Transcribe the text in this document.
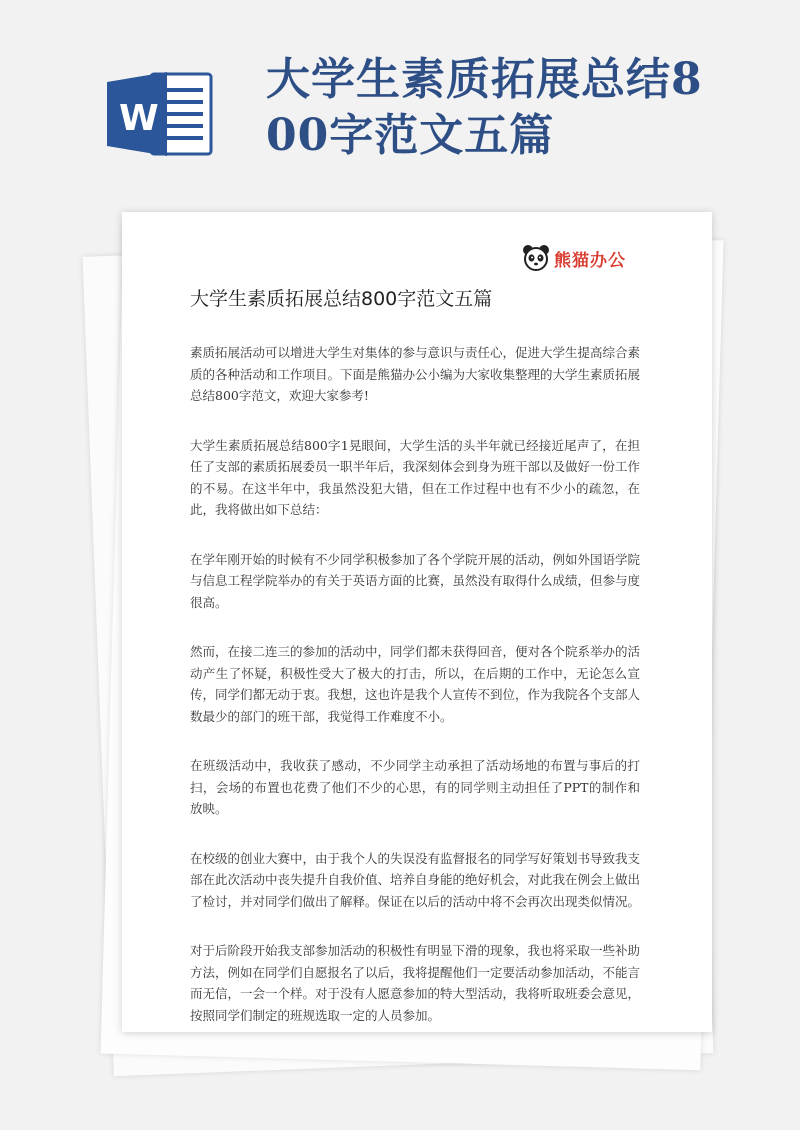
W
大学生素质拓展总结800字范文五篇
熊猫办公
大学生素质拓展总结800字范文五篇

素质拓展活动可以增进大学生对集体的参与意识与责任心，促进大学生提高综合素质的各种活动和工作项目。下面是熊猫办公小编为大家收集整理的大学生素质拓展总结800字范文，欢迎大家参考!

大学生素质拓展总结800字1晃眼间，大学生活的头半年就已经接近尾声了，在担任了支部的素质拓展委员一职半年后，我深刻体会到身为班干部以及做好一份工作的不易。在这半年中，我虽然没犯大错，但在工作过程中也有不少小的疏忽，在此，我将做出如下总结：

在学年刚开始的时候有不少同学积极参加了各个学院开展的活动，例如外国语学院与信息工程学院举办的有关于英语方面的比赛，虽然没有取得什么成绩，但参与度很高。

然而，在接二连三的参加的活动中，同学们都未获得回音，便对各个院系举办的活动产生了怀疑，积极性受大了极大的打击，所以，在后期的工作中，无论怎么宣传，同学们都无动于衷。我想，这也许是我个人宣传不到位，作为我院各个支部人数最少的部门的班干部，我觉得工作难度不小。

在班级活动中，我收获了感动，不少同学主动承担了活动场地的布置与事后的打扫，会场的布置也花费了他们不少的心思，有的同学则主动担任了PPT的制作和放映。

在校级的创业大赛中，由于我个人的失误没有监督报名的同学写好策划书导致我支部在此次活动中丧失提升自我价值、培养自身能的绝好机会，对此我在例会上做出了检讨，并对同学们做出了解释。保证在以后的活动中将不会再次出现类似情况。

对于后阶段开始我支部参加活动的积极性有明显下滑的现象，我也将采取一些补助方法，例如在同学们自愿报名了以后，我将提醒他们一定要活动参加活动，不能言而无信，一会一个样。对于没有人愿意参加的特大型活动，我将听取班委会意见，按照同学们制定的班规选取一定的人员参加。
